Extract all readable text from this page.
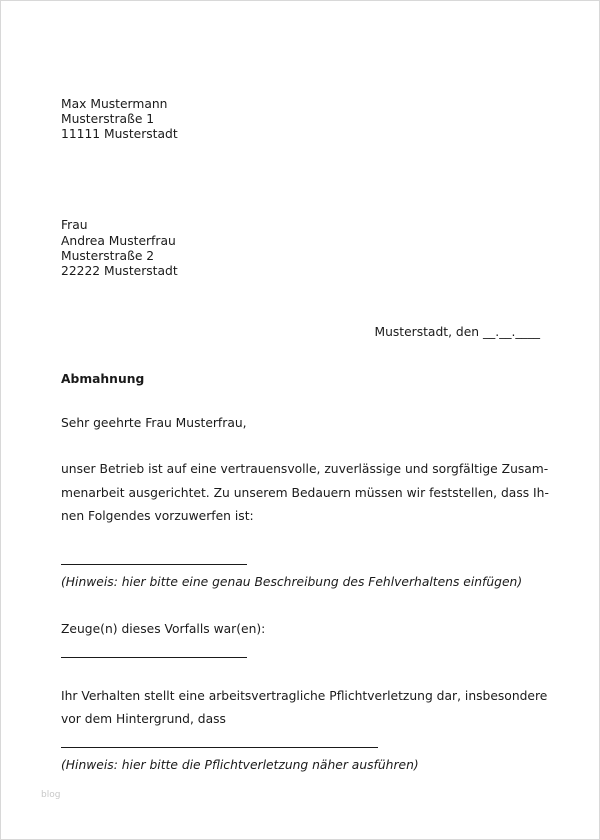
Max Mustermann
Musterstraße 1
11111 Musterstadt
Frau
Andrea Musterfrau
Musterstraße 2
22222 Musterstadt
Musterstadt, den __.__.____
Abmahnung
Sehr geehrte Frau Musterfrau,
unser Betrieb ist auf eine vertrauensvolle, zuverlässige und sorgfältige Zusam-
menarbeit ausgerichtet. Zu unserem Bedauern müssen wir feststellen, dass Ih-
nen Folgendes vorzuwerfen ist:
(Hinweis: hier bitte eine genau Beschreibung des Fehlverhaltens einfügen)
Zeuge(n) dieses Vorfalls war(en):
Ihr Verhalten stellt eine arbeitsvertragliche Pflichtverletzung dar, insbesondere
vor dem Hintergrund, dass
(Hinweis: hier bitte die Pflichtverletzung näher ausführen)
blog
